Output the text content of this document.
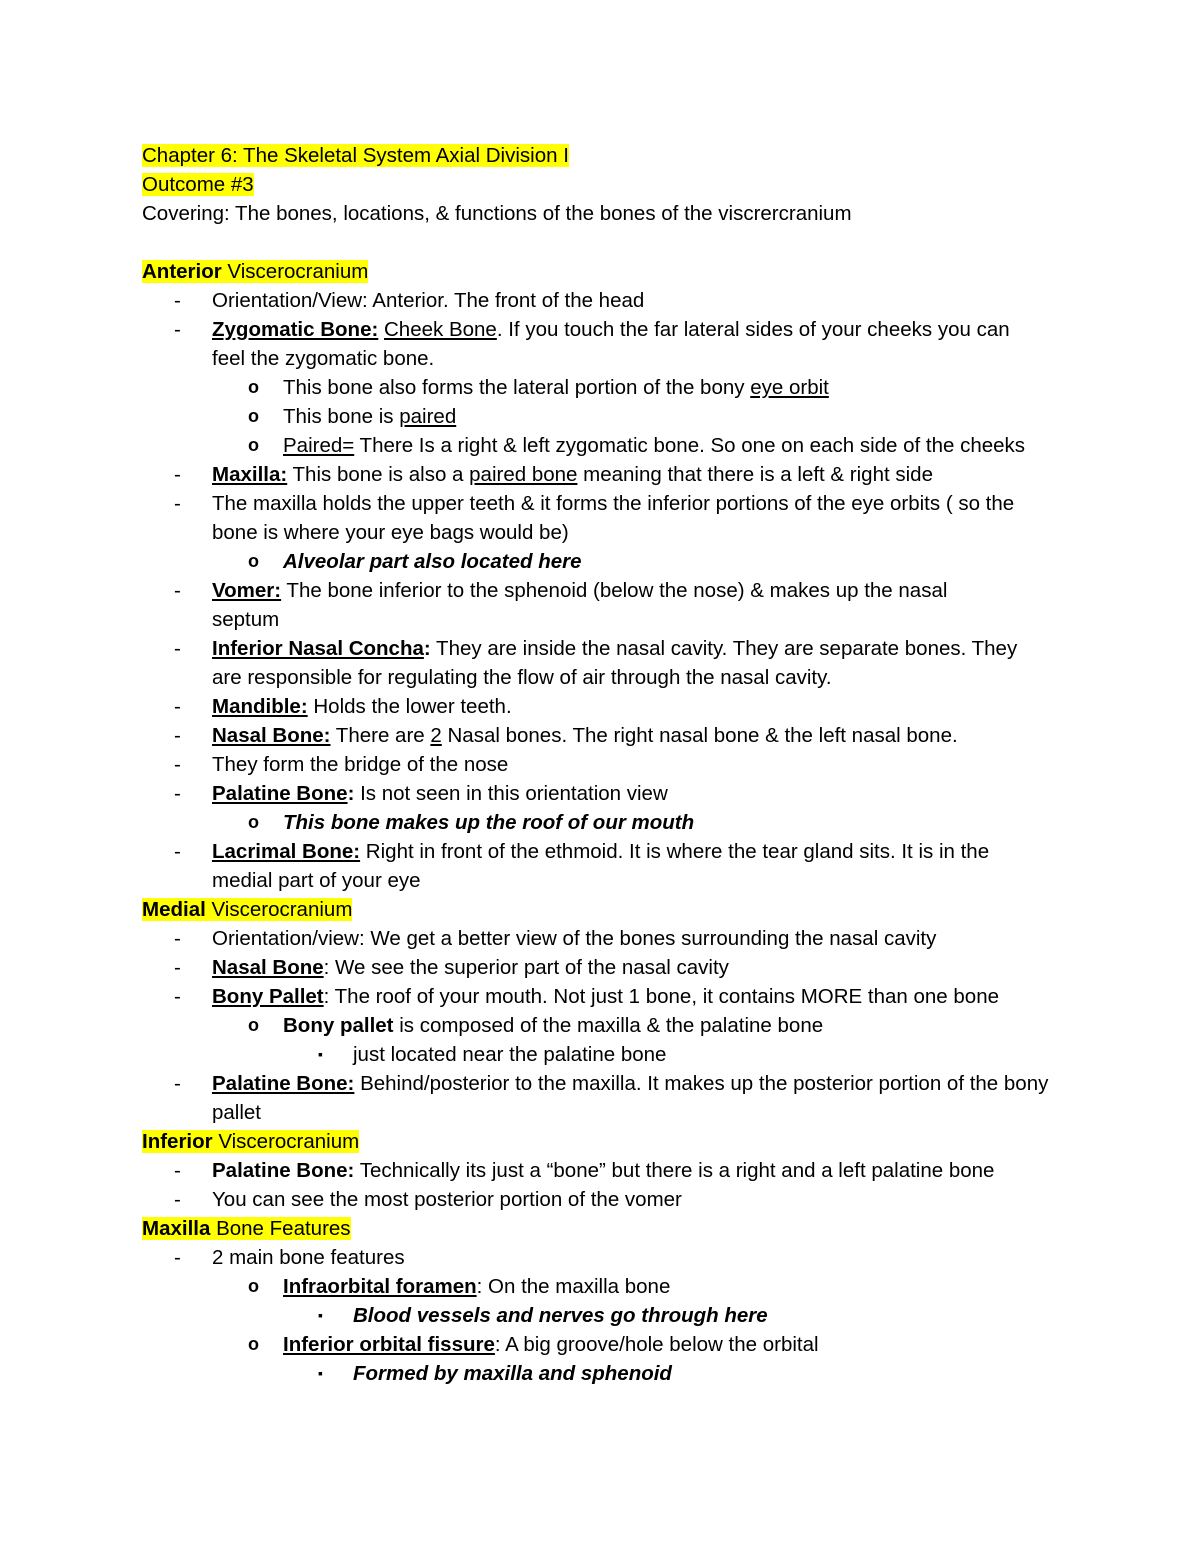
Chapter 6: The Skeletal System Axial Division I
Outcome #3
Covering: The bones, locations, & functions of the bones of the viscrercranium
Anterior Viscerocranium
-	Orientation/View: Anterior. The front of the head
-	Zygomatic Bone: Cheek Bone. If you touch the far lateral sides of your cheeks you can feel the zygomatic bone.
o	This bone also forms the lateral portion of the bony eye orbit
o	This bone is paired
o	Paired= There Is a right & left zygomatic bone. So one on each side of the cheeks
-	Maxilla: This bone is also a paired bone meaning that there is a left & right side
-	The maxilla holds the upper teeth & it forms the inferior portions of the eye orbits ( so the bone is where your eye bags would be)
o	Alveolar part also located here
-	Vomer: The bone inferior to the sphenoid (below the nose) & makes up the nasal septum
-	Inferior Nasal Concha: They are inside the nasal cavity. They are separate bones. They are responsible for regulating the flow of air through the nasal cavity.
-	Mandible: Holds the lower teeth.
-	Nasal Bone: There are 2 Nasal bones. The right nasal bone & the left nasal bone.
-	They form the bridge of the nose
-	Palatine Bone: Is not seen in this orientation view
o	This bone makes up the roof of our mouth
-	Lacrimal Bone: Right in front of the ethmoid. It is where the tear gland sits. It is in the medial part of your eye
Medial Viscerocranium
-	Orientation/view: We get a better view of the bones surrounding the nasal cavity
-	Nasal Bone: We see the superior part of the nasal cavity
-	Bony Pallet: The roof of your mouth. Not just 1 bone, it contains MORE than one bone
o	Bony pallet is composed of the maxilla & the palatine bone
▪	just located near the palatine bone
-	Palatine Bone: Behind/posterior to the maxilla. It makes up the posterior portion of the bony pallet
Inferior Viscerocranium
-	Palatine Bone: Technically its just a “bone” but there is a right and a left palatine bone
-	You can see the most posterior portion of the vomer
Maxilla Bone Features
-	2 main bone features
o	Infraorbital foramen: On the maxilla bone
▪	Blood vessels and nerves go through here
o	Inferior orbital fissure: A big groove/hole below the orbital
▪	Formed by maxilla and sphenoid
